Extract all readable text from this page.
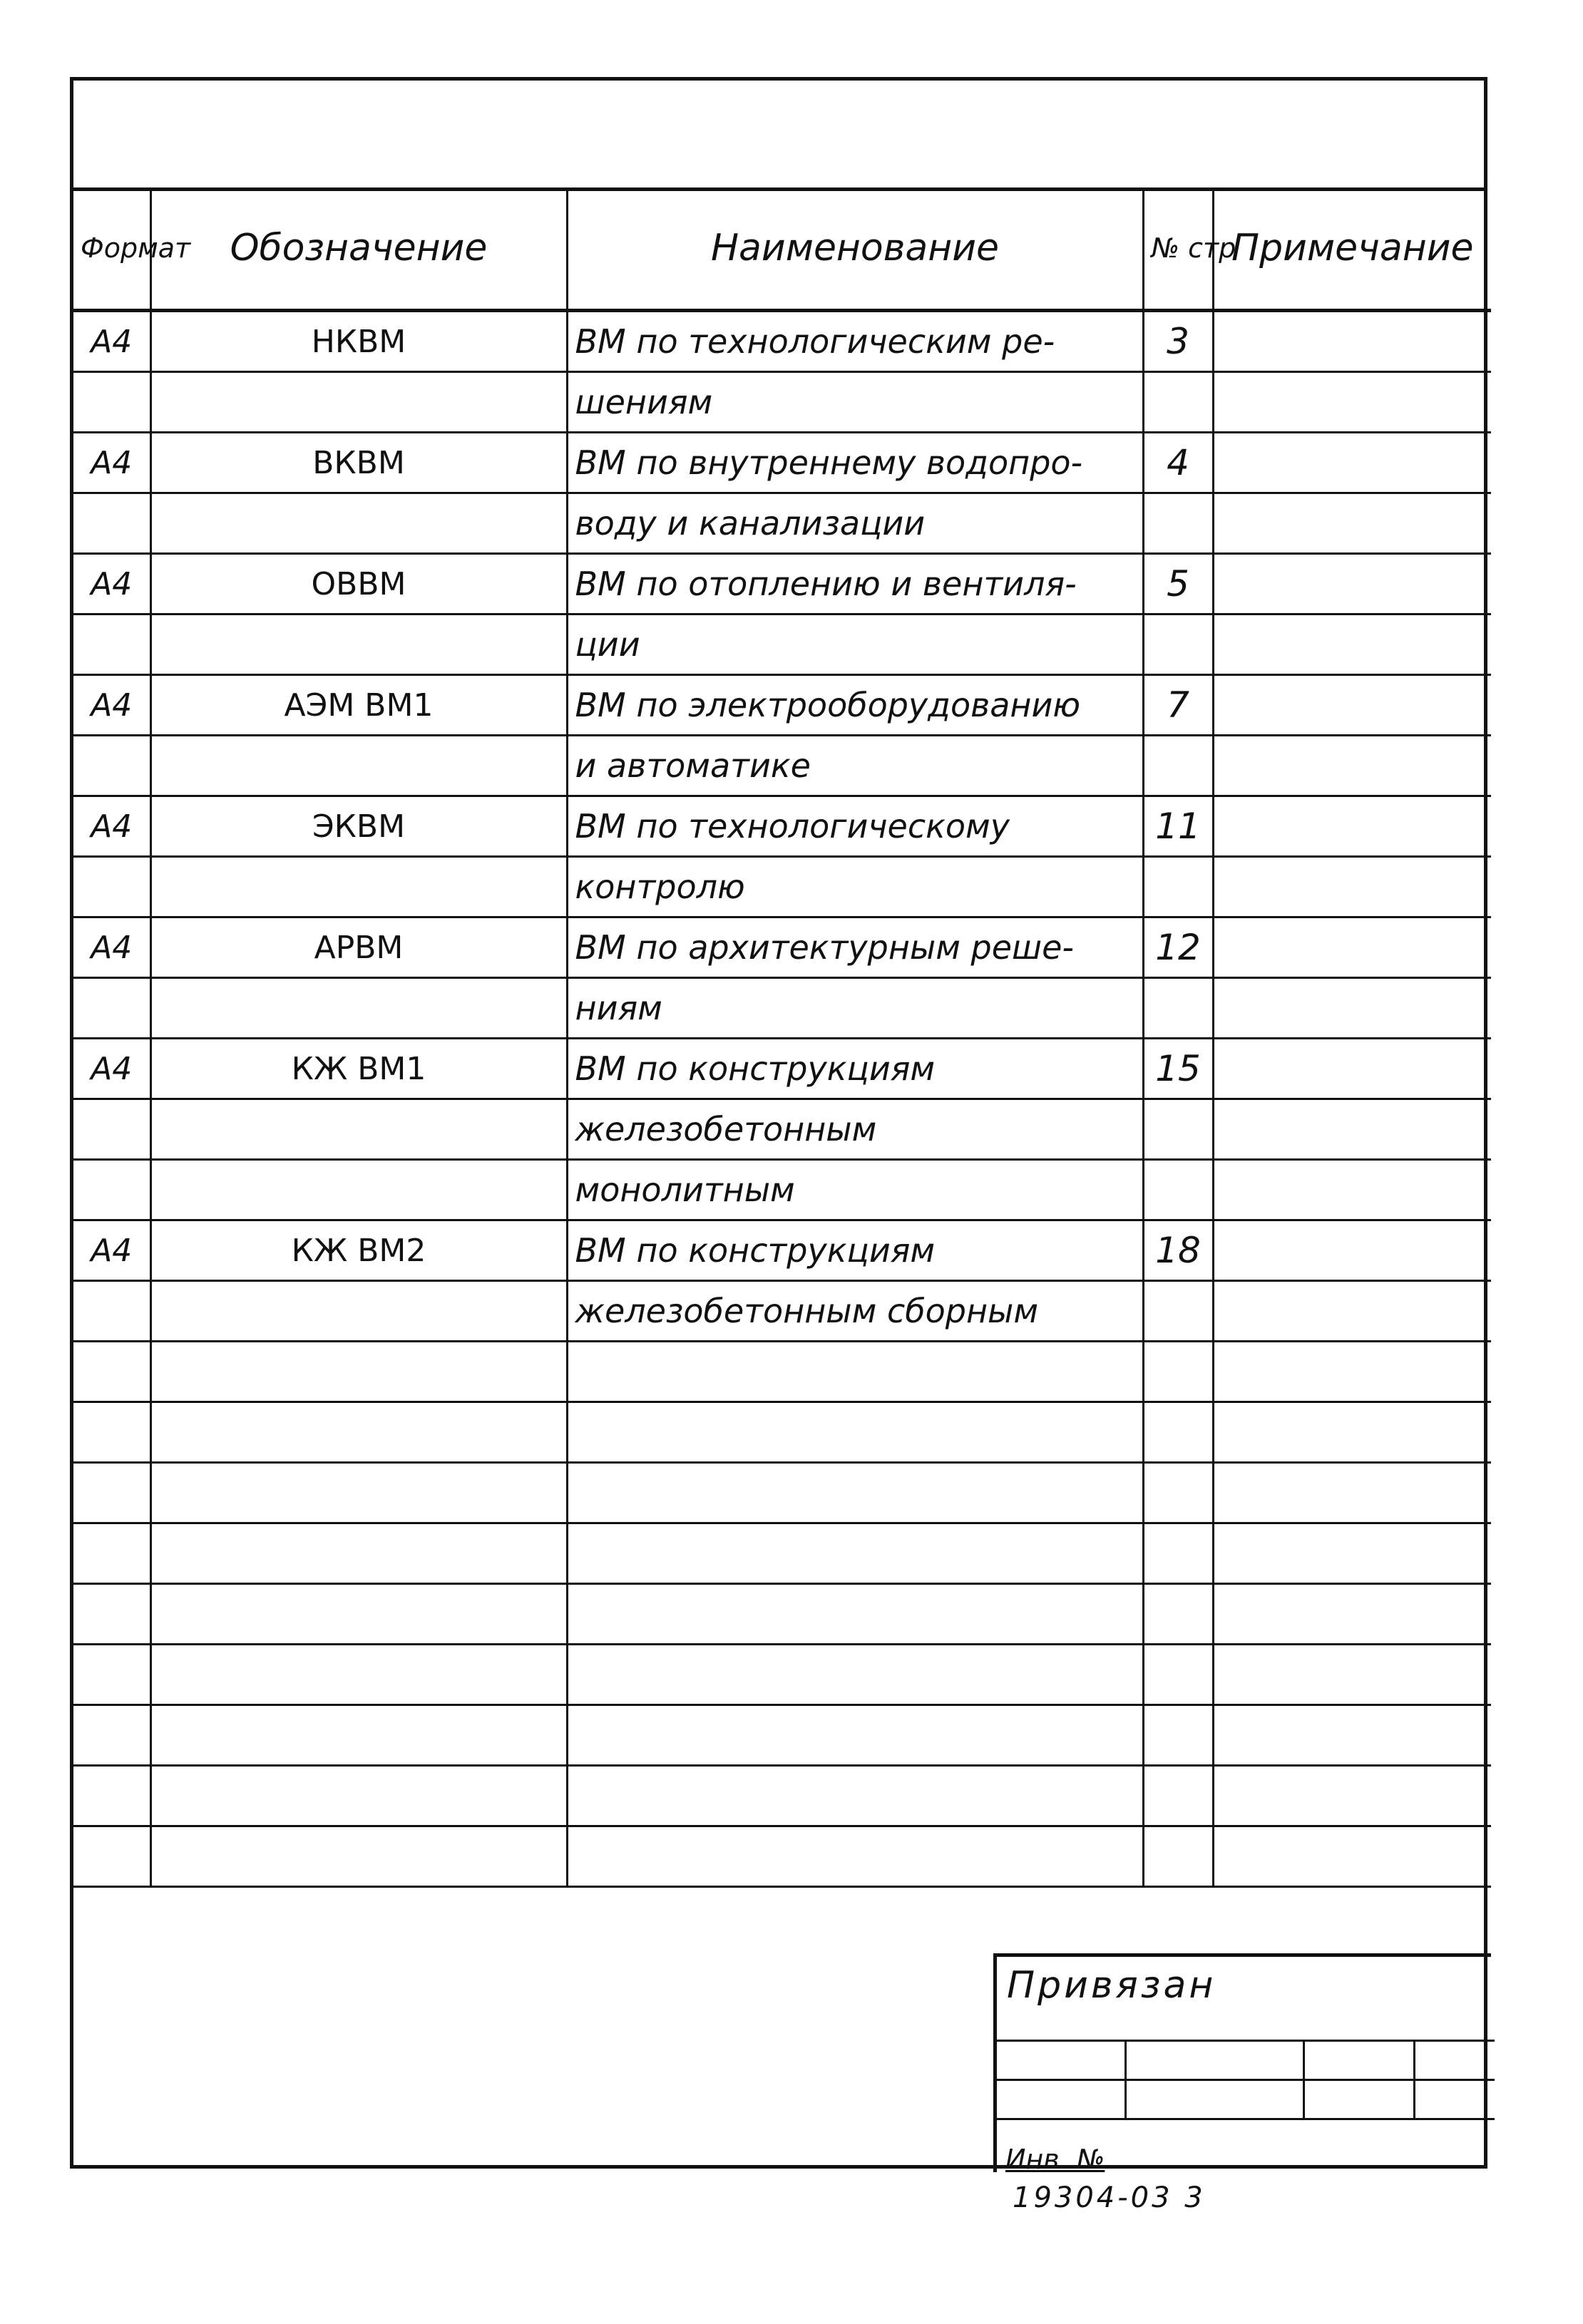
Формат	Обозначение	Наименование	№ стр	Примечание
А4	НКВМ	ВМ по технологическим ре-	3	
		шениям		
А4	ВКВМ	ВМ по внутреннему водопро-	4	
		воду и канализации		
А4	ОВВМ	ВМ по отоплению и вентиля-	5	
		ции		
А4	АЭМ ВМ1	ВМ по электрооборудованию	7	
		и автоматике		
А4	ЭКВМ	ВМ по технологическому	11	
		контролю		
А4	АРВМ	ВМ по архитектурным реше-	12	
		ниям		
А4	КЖ ВМ1	ВМ по конструкциям	15	
		железобетонным		
		монолитным		
А4	КЖ ВМ2	ВМ по конструкциям	18	
		железобетонным сборным		

Привязан

Инв. №
19304-03 3
